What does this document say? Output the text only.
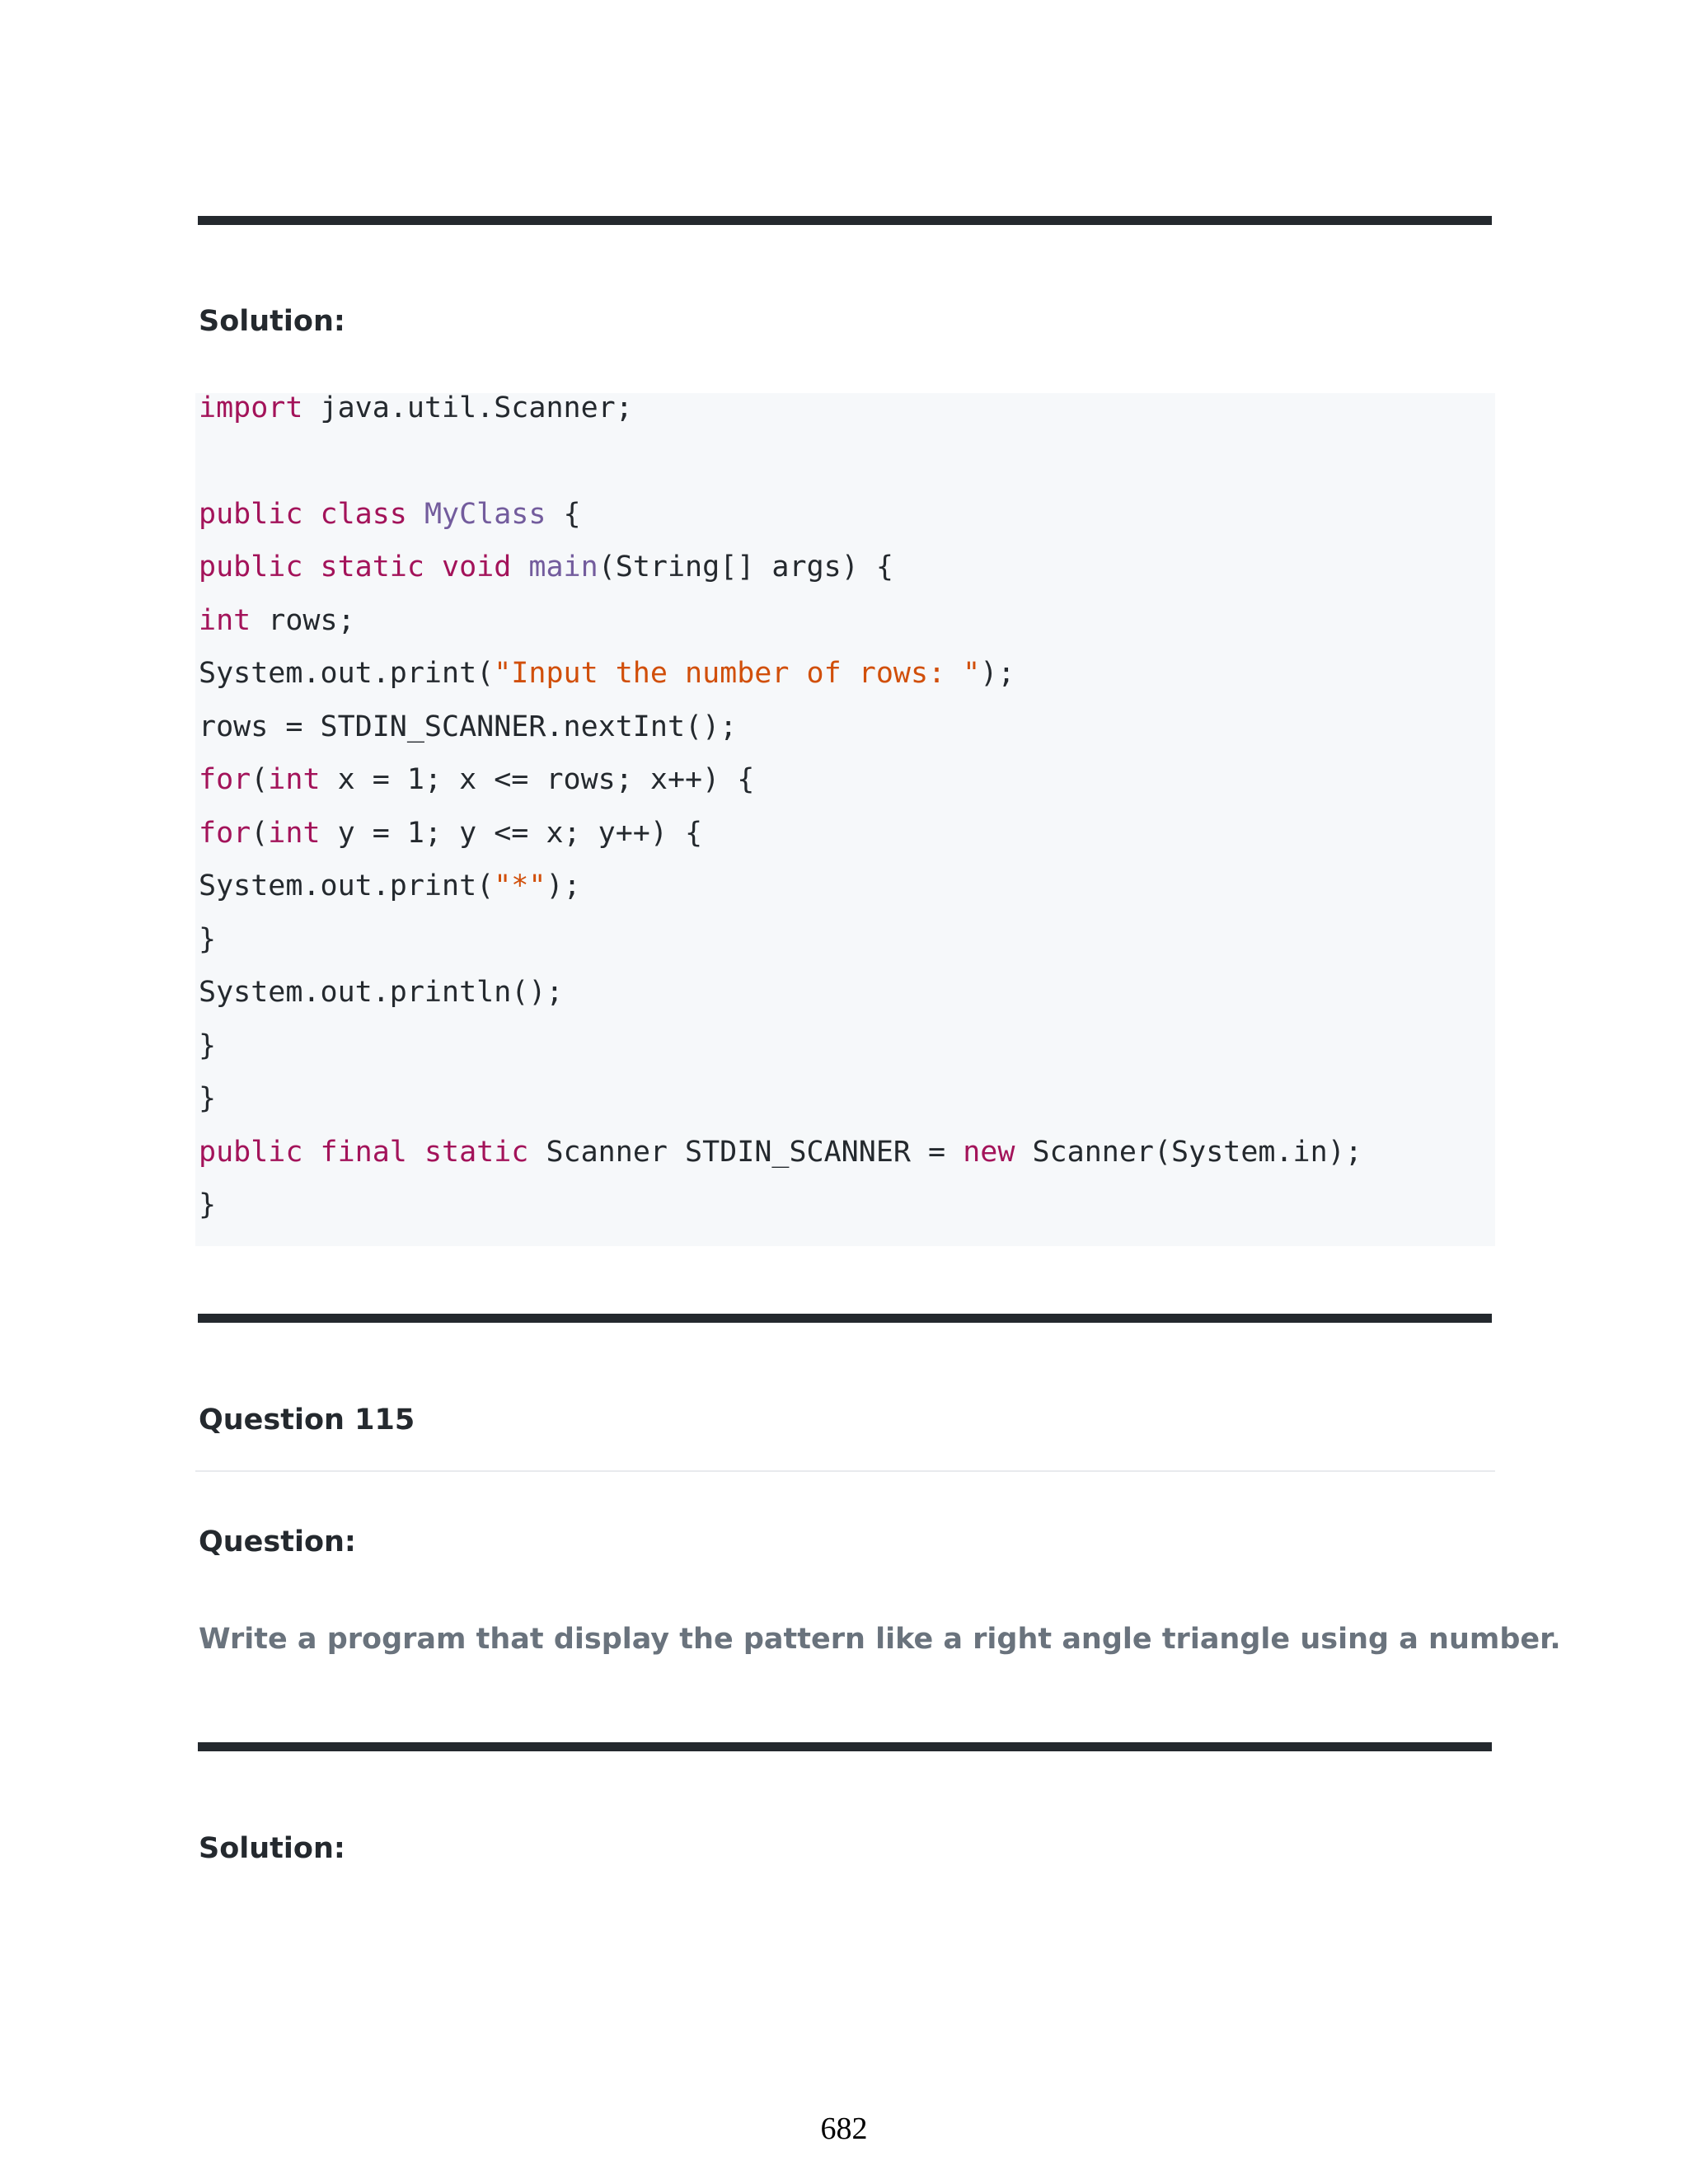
Solution:

import java.util.Scanner;

public class MyClass {

public static void main(String[] args) {

int rows;

System.out.print("Input the number of rows: ");

rows = STDIN_SCANNER.nextInt();

for(int x = 1; x <= rows; x++) {

for(int y = 1; y <= x; y++) {

System.out.print("*");

}

System.out.println();

}

}

public final static Scanner STDIN_SCANNER = new Scanner(System.in);

}

Question 115
Question:

Write a program that display the pattern like a right angle triangle using a number.

Solution:

682
